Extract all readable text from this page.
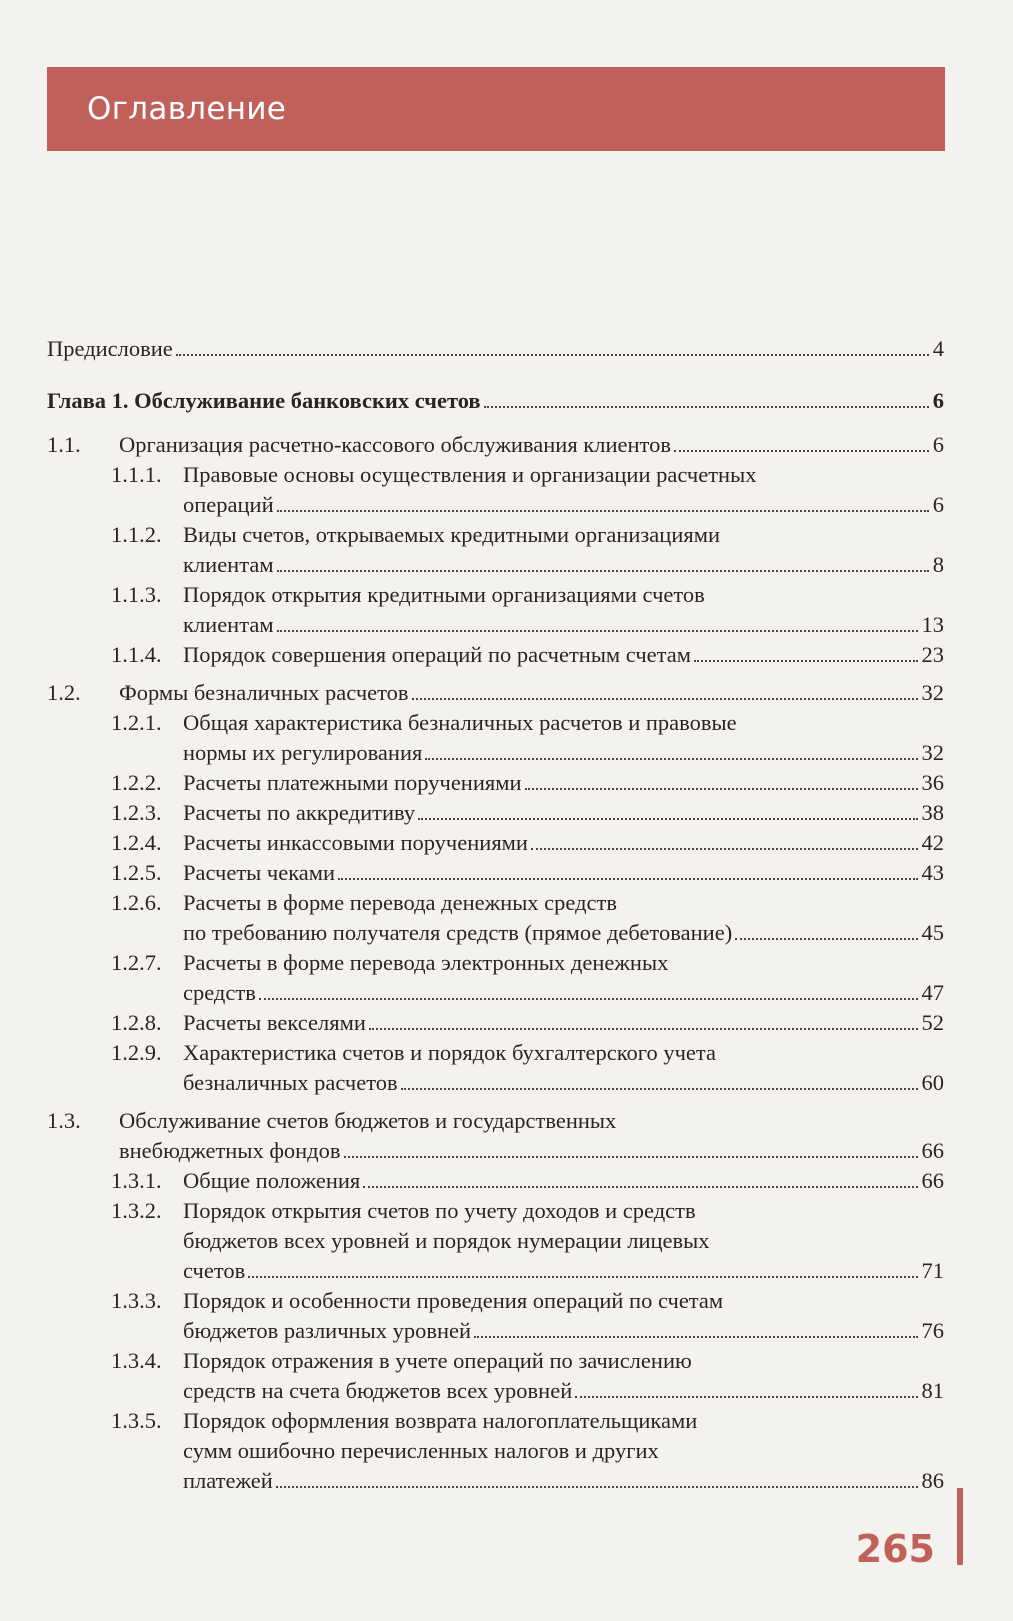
Оглавление
Предисловие	4
Глава 1. Обслуживание банковских счетов	6
1.1. Организация расчетно-кассового обслуживания клиентов	6
1.1.1. Правовые основы осуществления и организации расчетных
операций	6
1.1.2. Виды счетов, открываемых кредитными организациями
клиентам	8
1.1.3. Порядок открытия кредитными организациями счетов
клиентам	13
1.1.4. Порядок совершения операций по расчетным счетам	23
1.2. Формы безналичных расчетов	32
1.2.1. Общая характеристика безналичных расчетов и правовые
нормы их регулирования	32
1.2.2. Расчеты платежными поручениями	36
1.2.3. Расчеты по аккредитиву	38
1.2.4. Расчеты инкассовыми поручениями	42
1.2.5. Расчеты чеками	43
1.2.6. Расчеты в форме перевода денежных средств
по требованию получателя средств (прямое дебетование)	45
1.2.7. Расчеты в форме перевода электронных денежных
средств	47
1.2.8. Расчеты векселями	52
1.2.9. Характеристика счетов и порядок бухгалтерского учета
безналичных расчетов	60
1.3. Обслуживание счетов бюджетов и государственных
внебюджетных фондов	66
1.3.1. Общие положения	66
1.3.2. Порядок открытия счетов по учету доходов и средств
бюджетов всех уровней и порядок нумерации лицевых
счетов	71
1.3.3. Порядок и особенности проведения операций по счетам
бюджетов различных уровней	76
1.3.4. Порядок отражения в учете операций по зачислению
средств на счета бюджетов всех уровней	81
1.3.5. Порядок оформления возврата налогоплательщиками
сумм ошибочно перечисленных налогов и других
платежей	86
265
